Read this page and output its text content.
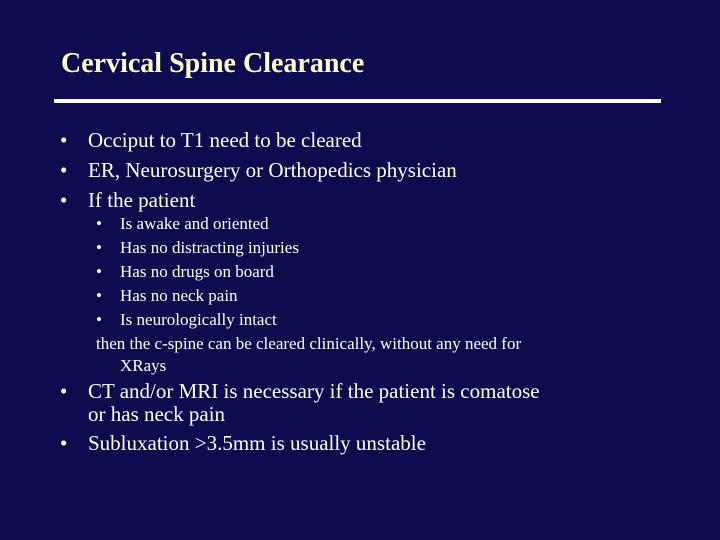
Cervical Spine Clearance
• Occiput to T1 need to be cleared
• ER, Neurosurgery or Orthopedics physician
• If the patient
• Is awake and oriented
• Has no distracting injuries
• Has no drugs on board
• Has no neck pain
• Is neurologically intact
then the c-spine can be cleared clinically, without any need for
XRays
• CT and/or MRI is necessary if the patient is comatose
or has neck pain
• Subluxation >3.5mm is usually unstable
